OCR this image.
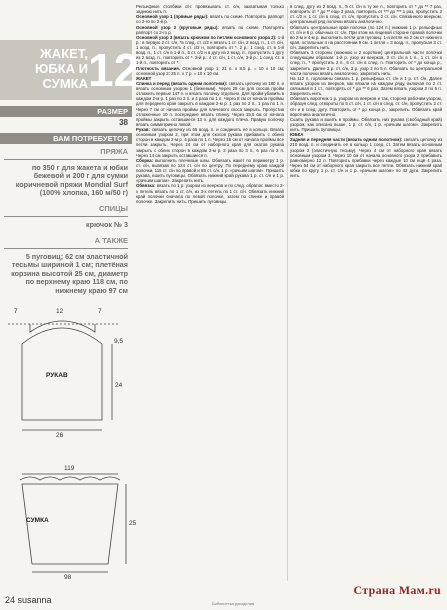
ЖАКЕТ, ЮБКА И СУМКА 12
РАЗМЕР
38
ВАМ ПОТРЕБУЕТСЯ
ПРЯЖА
по 350 г для жакета и юбки бежевой и 200 г для сумки коричневой пряжи Mondial Surf (100% хлопка, 160 м/50 г)
СПИЦЫ
крючок № 3
А ТАКЖЕ
5 пуговиц; 62 см эластичной тесьмы шириной 1 см; плетёная корзина высотой 25 см, диаметр по верхнему краю 118 см, по нижнему краю 97 см
7	12	7
9,5
24
26
РУКАВ
119
СУМКА	25
98
24 susanna

Рельефные столбики с/н: провязывать ст. с/н, захватывая только заднюю нить п.

Основной узор 1 (прямые ряды): вязать по схеме. Повторять раппорт со 2-го по 2-й р.

Основной узор 2 (круговые ряды): вязать по схеме. Повторять раппорт со 2-го р.

Основной узор 3 (вязать крючком по петлям основного узора 2): 1-й р.: в первую 2 ст. с/н, *в след. ст. с/2 н вязать 1 ст. с/н, 2 возд. п., 1 ст. с/н, 1 возд. п., пропустить 4 ст. с/2 н, повторить от *. 2 р.: 1 соед. ст. в 1-й возд. п., 1 ст. с/н в 1-й п., 5 ст. с/2 н в дугу из 2 возд. п., пропустить 1 дугу из 2 возд. п., повторить от *. 3-й р.: 4 ст. с/н, 1 ст. с/н, 3-й р.: 1 соед. ст. в 1-й п., повторить от *.

Плотность вязания. Основной узор 1: 21 п. x 8,5 р. = 10 x 10 см; основной узор 2: 25 п. x 7 р. = 10 x 10 см.

ЖАКЕТ

Спинка и перед (вязать одним полотном): связать цепочку из 180 п. и вязать основным узором 1 (бежевым). Через 28 см для скосов пройм отложить первые 147 п. и вязать полочку отдельно. Для пройм убавить в каждом 2-м р. 1 раз по 2 п. и 4 раза по 1 п. Через 8 см от начала проймы для переднего края закрыть в каждом 2-м р. 1 раз по 2 п., 1 раз по 1 п. Через 7 см от начала проймы для плечевого скоса закрыть. Пропустив отложенные 10 п. посередине вязать спинку. Через 15,5 см от начала проймы закрыть оставшиеся 13 п. для каждого плеча. Правую полочку вязать симметрично левой.

Рукав: связать цепочку из 65 возд. п. и соединить её в кольцо. Вязать основным узором 2, при этом для скосов рукава прибавить с обеих сторон в каждом 2-м р. 4 раза по 1 п. Через 16 см от начала проймы все петли закрыть. Через 24 см от наборного края для окатов рукава закрыть с обеих сторон в каждом 2-м р. 2 раза по 3 п., 6 раз по 2 п. Через 14 см закрыть оставшиеся п.

Сборка: выполнить плечевые швы. Обвязать жакет по периметру 1 р. ст. с/н, вывязав по 124 ст. с/н по центру. По переднему краю каждой полочки, 115 ст. с/н по правой и 85 ст. с/н. 1 р. «рачьим шагом». Пришить рукава, вшить пуговицы. Обвязать нижний край рукава 1 р. ст. с/н и 1 р. «рачьим шагом». Закрепить нить.

Обвязка: вязать по 1 р. узором из веерков и по след. обраток: вместо 2-х петель вязать по 1 ст. с/н, из 3-х петель по 1 ст. с/н. Обвязать нижний край полочки сначала по левой полочке, затем по спинке и правой полочке. Закрепить нить. Пришить пуговицы.

в след. дугу из 2 возд. п., 5 ст. с/н в ту же п., повторить от * до ** 7 раз, повторить от * до ** еще 2 раза, повторить от *** до *** 1 раз, пропустить 2 ст. с/2 н. 1 ст. с/н в след. ст. с/н, пропустить 2 ст. с/н. Связанного веерком, центральный ряд полочки вязать аналогично.

Обвязать центральные края полочки (по 124 п.) нижним 1 р. рельефных ст. с/н и 6 р. обычных ст. с/н. При этом на лицевой стороне правой полочки во 2-м и 4-м р. выполнить петли для пуговиц: 1-я петля на 2 см от нижнего края, остальные 4 на расстоянии 9 см. 1 петля = 3 возд. п., пропуская 3 ст. с/н. Закрепить нить.

Обвязать 3 стороны (нижнюю и 2 короткие) центральной части полочки следующим образом: 1-й р. узор из веерков, 3 ст. с/н в 1 п., 1 ст. с/н в след. п., * пропустить 2 п., 5 ст. с/н в след. п. Повторить от * до конца р., закрепить. Далее 2 р. ст. с/н, 3 р. узор 3 по 5 п. Обвязать по центральной части полочки вязать аналогично, закрепить нить.

На 112 п. горловины связать 1 р. рельефных ст. с/н и 1 р. ст. с/н. Далее вязать узором из веерков, как вязали на каждом ряду, включая по 2 ст. связывая в 1 ст., повторять от * до ** 6 раз. Затем вязать узором 3 по 5 п. Закрепить нить.

Обвязать воротник 1 р. узором из веерков и так, сторона рабочим узором, образуя след. отвороты по 5 ст. с/н, 1 ст. с/н в след. ст. с/н, пропустить 2 ст. с/н и в след. дугу. Повторить от * до конца р., закрепить. Обвязать край воротника аналогично.

Сшить рукава и вшить в проймы. Обвязать низ рукава (свободный край) узором, как описано выше, 1 р. ст. с/н, 1 р. «рачьим шагом». Закрепить нить. Пришить пуговицы.

ЮБКА

Задняя и передняя части (вязать одним полотном): связать цепочку из 210 возд. п. и соединить её в кольцо 1 соед. ст. Затем вязать основным узором 2 (эластичную тесьму). Через 4 см от наборного края вязать основным узором 3. Через 10 см от начала основного узора 2 прибавить равномерно 12 п. Повторить прибавки через каждые 10 см ещё 4 раза. Через 54 см от наборного края закрыть все петли. Обвязать нижний край юбки по кругу 1 р. ст. с/н и 1 р. «рачьим шагом» по 42 дуги. Закрепить нить.

Библиотека рукоделия
Страна Мам.ru
